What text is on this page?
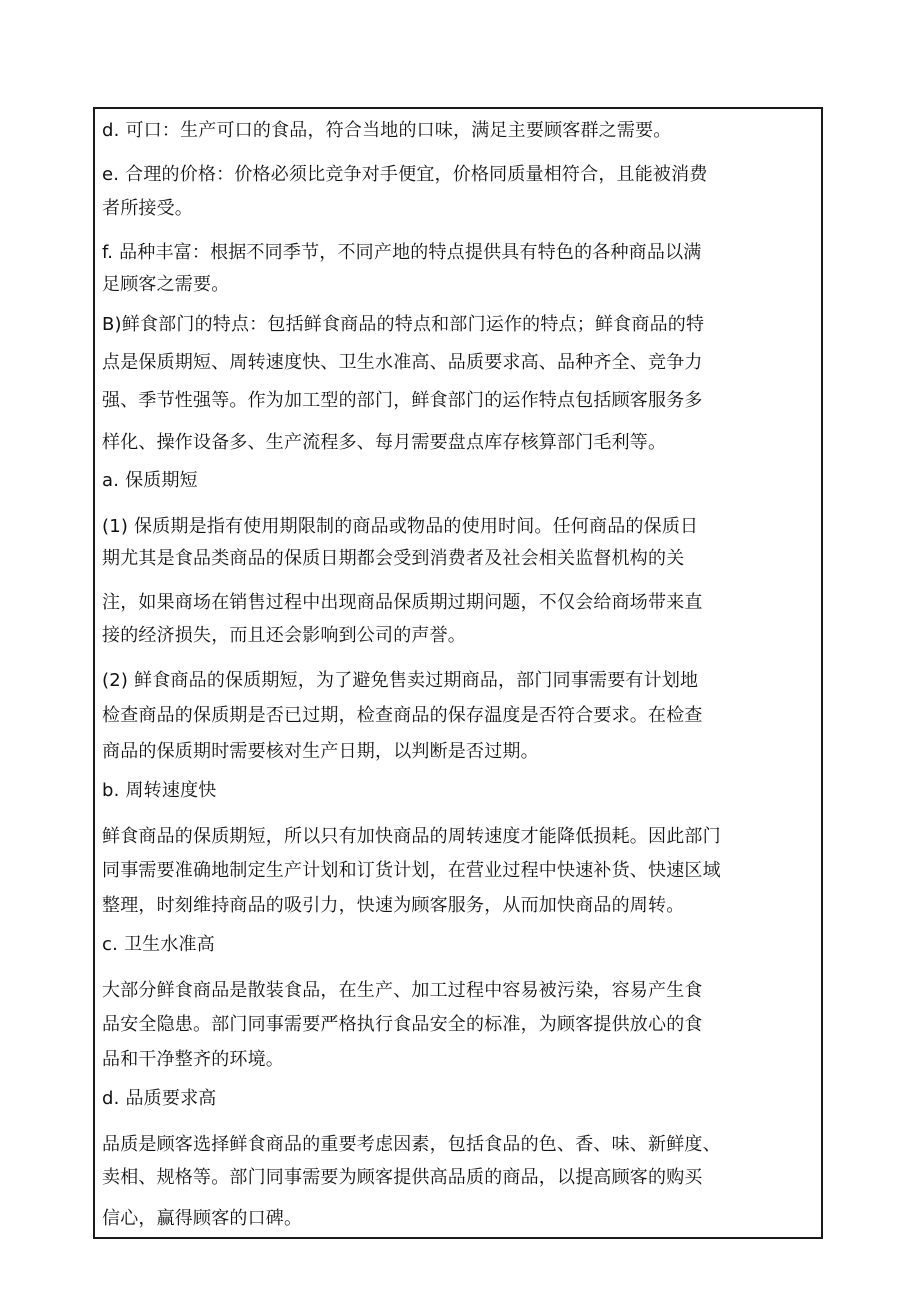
d. 可口：生产可口的食品，符合当地的口味，满足主要顾客群之需要。
e. 合理的价格：价格必须比竞争对手便宜，价格同质量相符合，且能被消费
者所接受。
f. 品种丰富：根据不同季节，不同产地的特点提供具有特色的各种商品以满
足顾客之需要。
B)鲜食部门的特点：包括鲜食商品的特点和部门运作的特点；鲜食商品的特
点是保质期短、周转速度快、卫生水准高、品质要求高、品种齐全、竞争力
强、季节性强等。作为加工型的部门，鲜食部门的运作特点包括顾客服务多
样化、操作设备多、生产流程多、每月需要盘点库存核算部门毛利等。
a. 保质期短
(1) 保质期是指有使用期限制的商品或物品的使用时间。任何商品的保质日
期尤其是食品类商品的保质日期都会受到消费者及社会相关监督机构的关
注，如果商场在销售过程中出现商品保质期过期问题，不仅会给商场带来直
接的经济损失，而且还会影响到公司的声誉。
(2) 鲜食商品的保质期短，为了避免售卖过期商品，部门同事需要有计划地
检查商品的保质期是否已过期，检查商品的保存温度是否符合要求。在检查
商品的保质期时需要核对生产日期，以判断是否过期。
b. 周转速度快
鲜食商品的保质期短，所以只有加快商品的周转速度才能降低损耗。因此部门
同事需要准确地制定生产计划和订货计划，在营业过程中快速补货、快速区域
整理，时刻维持商品的吸引力，快速为顾客服务，从而加快商品的周转。
c. 卫生水准高
大部分鲜食商品是散装食品，在生产、加工过程中容易被污染，容易产生食
品安全隐患。部门同事需要严格执行食品安全的标准，为顾客提供放心的食
品和干净整齐的环境。
d. 品质要求高
品质是顾客选择鲜食商品的重要考虑因素，包括食品的色、香、味、新鲜度、
卖相、规格等。部门同事需要为顾客提供高品质的商品，以提高顾客的购买
信心，赢得顾客的口碑。
